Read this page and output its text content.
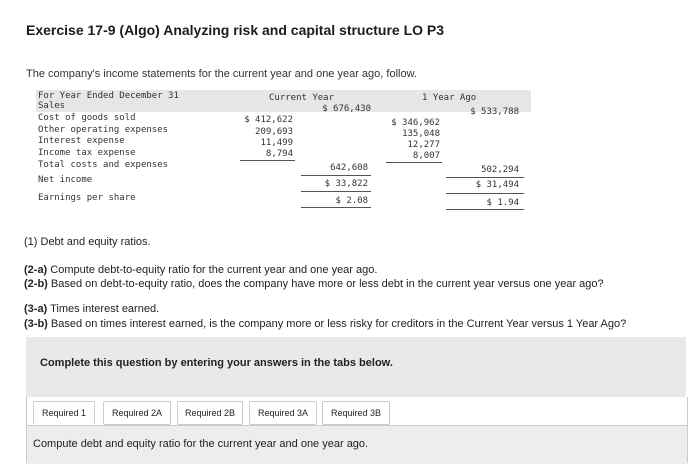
Exercise 17-9 (Algo) Analyzing risk and capital structure LO P3
The company's income statements for the current year and one year ago, follow.
For Year Ended December 31	Current Year	1 Year Ago
Sales	$ 676,430	$ 533,788
Cost of goods sold	$ 412,622	$ 346,962
Other operating expenses	209,693	135,048
Interest expense	11,499	12,277
Income tax expense	8,794	8,007
Total costs and expenses	642,608	502,294
Net income	$ 33,822	$ 31,494
Earnings per share	$ 2.08	$ 1.94
(1) Debt and equity ratios.
(2-a) Compute debt-to-equity ratio for the current year and one year ago.
(2-b) Based on debt-to-equity ratio, does the company have more or less debt in the current year versus one year ago?
(3-a) Times interest earned.
(3-b) Based on times interest earned, is the company more or less risky for creditors in the Current Year versus 1 Year Ago?
Complete this question by entering your answers in the tabs below.
Required 1	Required 2A	Required 2B	Required 3A	Required 3B
Compute debt and equity ratio for the current year and one year ago.
